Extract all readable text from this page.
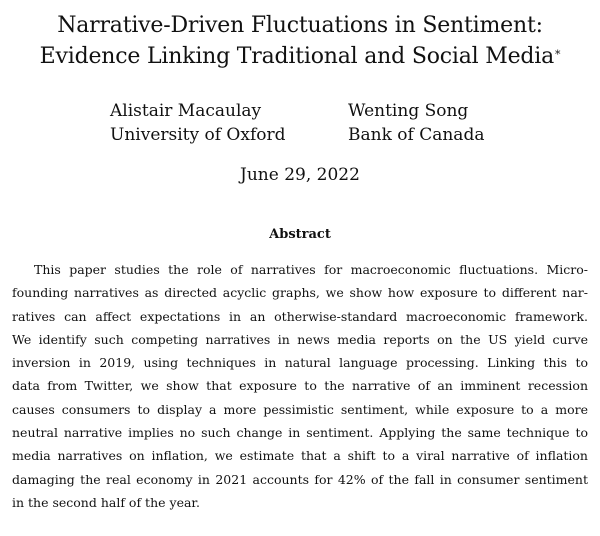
Narrative-Driven Fluctuations in Sentiment:
Evidence Linking Traditional and Social Media*
Alistair Macaulay
University of Oxford
Wenting Song
Bank of Canada
June 29, 2022
Abstract
This paper studies the role of narratives for macroeconomic fluctuations. Micro-
founding narratives as directed acyclic graphs, we show how exposure to different nar-
ratives can affect expectations in an otherwise-standard macroeconomic framework.
We identify such competing narratives in news media reports on the US yield curve
inversion in 2019, using techniques in natural language processing. Linking this to
data from Twitter, we show that exposure to the narrative of an imminent recession
causes consumers to display a more pessimistic sentiment, while exposure to a more
neutral narrative implies no such change in sentiment. Applying the same technique to
media narratives on inflation, we estimate that a shift to a viral narrative of inflation
damaging the real economy in 2021 accounts for 42% of the fall in consumer sentiment
in the second half of the year.
